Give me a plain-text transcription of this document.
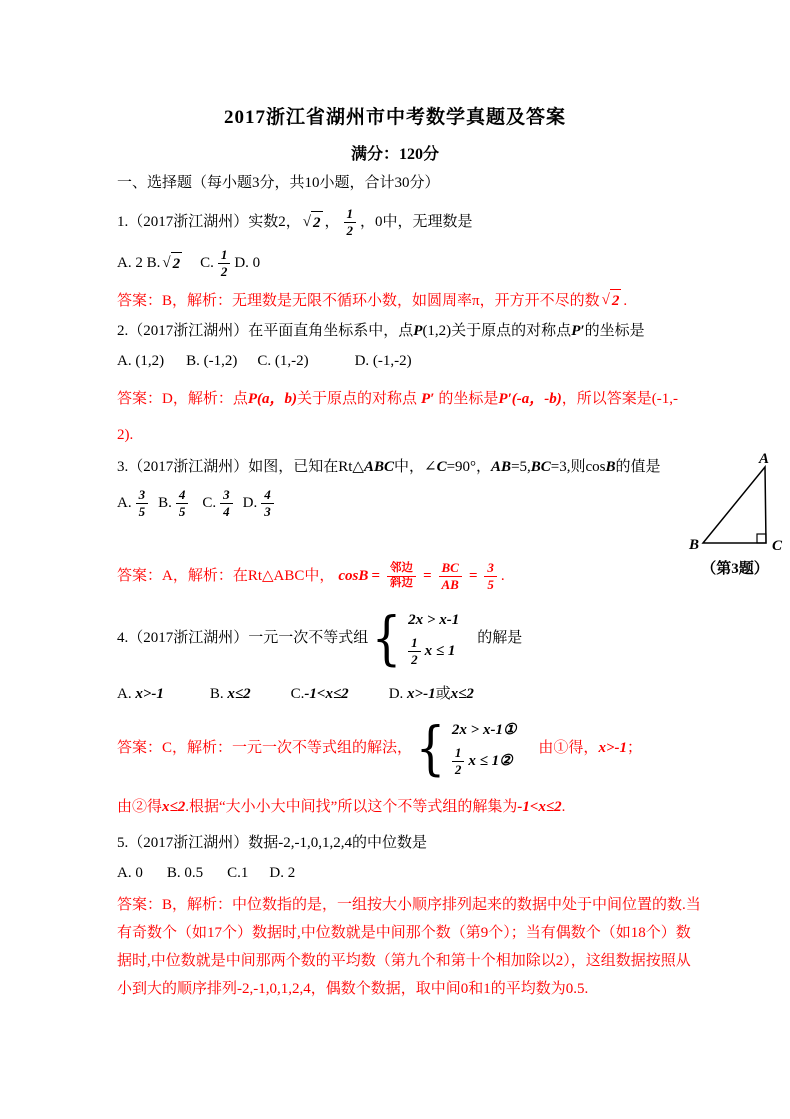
2017浙江省湖州市中考数学真题及答案
满分：120分
一、选择题（每小题3分，共10小题，合计30分）
1.（2017浙江湖州）实数2， √ 2 ， $\frac{1}{2}$ ，0中，无理数是
A. 2 B. √ 2 C. $\frac{1}{2} D$. 0
答案：B，解析：无理数是无限不循环小数，如圆周率π，开方开不尽的数 √ 2 .
2.（2017浙江湖州）在平面直角坐标系中，点 P (1,2)关于原点的对称点 P′ 的坐标是
A. (1,2) B. (-1,2) C. (1,-2)	D. (-1,-2)
答案：D，解析：点 P(a，b) 关于原点的对称点 P′ 的坐标是 P′(-a，-b) ，所以答案是(-1,-
2).
3.（2017浙江湖州）如图，已知在Rt△ ABC 中，∠ C =90°， AB =5, BC =3,则cos B 的值是
A. $\frac{3}{5} B$. $\frac{4}{5} C$. $\frac{3}{4} D$. $\frac{4}{3}$
答案：A，解析：在Rt△ABC中， $\cos B = \frac{\text{邻边}}{\text{斜边}} = \frac{BC}{AB} = \frac{3}{5}$ .
A
B	C
（第3题）
4.（2017浙江湖州）一元一次不等式组 { 2x > x-1
$\frac{1}{2}$ x ≤ 1
的解是
A. x>-1	B. x≤2	C.-1<x≤2	D. x>-1或x≤2
答案：C，解析：一元一次不等式组的解法， { 2x > x-1①
$\frac{1}{2}$ x ≤ 1②
由①得， x>-1 ；
由②得 x≤2 .根据“大小小大中间找”所以这个不等式组的解集为 -1<x≤2 .
5.（2017浙江湖州）数据-2,-1,0,1,2,4的中位数是
A. 0 B. 0.5 C.1 D. 2
答案：B，解析：中位数指的是，一组按大小顺序排列起来的数据中处于中间位置的数.当
有奇数个（如17个）数据时,中位数就是中间那个数（第9个）；当有偶数个（如18个）数
据时,中位数就是中间那两个数的平均数（第九个和第十个相加除以2），这组数据按照从
小到大的顺序排列-2,-1,0,1,2,4，偶数个数据，取中间0和1的平均数为0.5.
